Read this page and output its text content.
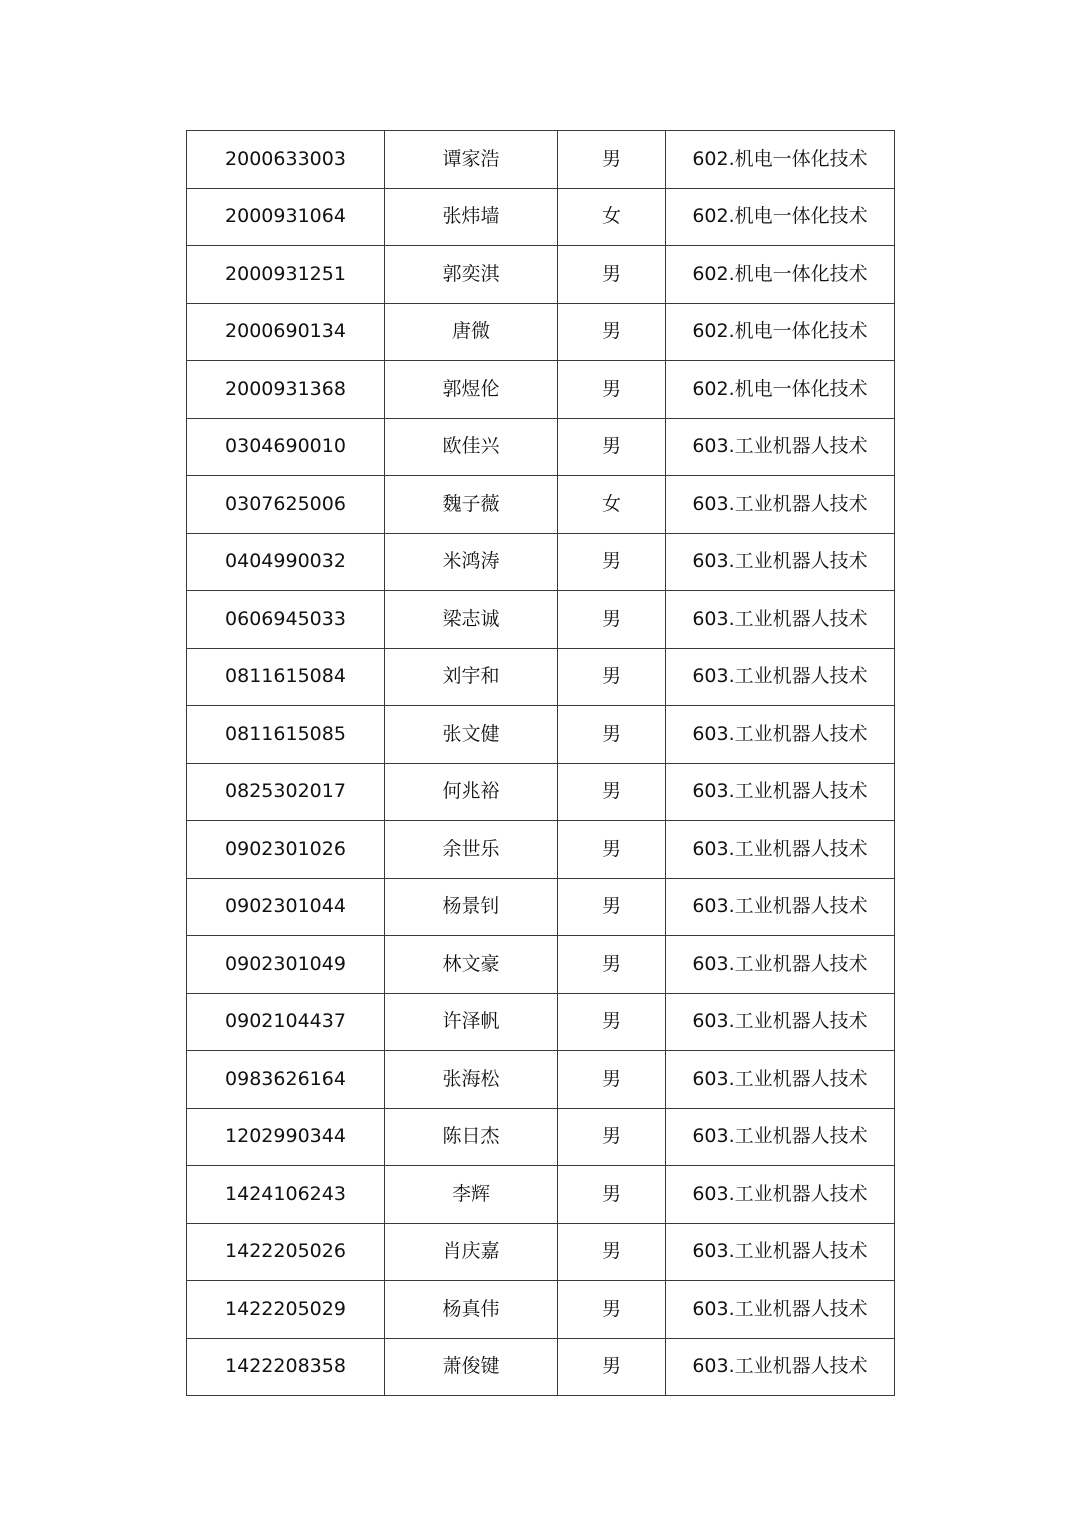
2000633003	谭家浩	男	602.机电一体化技术
2000931064	张炜墙	女	602.机电一体化技术
2000931251	郭奕淇	男	602.机电一体化技术
2000690134	唐微	男	602.机电一体化技术
2000931368	郭煜伦	男	602.机电一体化技术
0304690010	欧佳兴	男	603.工业机器人技术
0307625006	魏子薇	女	603.工业机器人技术
0404990032	米鸿涛	男	603.工业机器人技术
0606945033	梁志诚	男	603.工业机器人技术
0811615084	刘宇和	男	603.工业机器人技术
0811615085	张文健	男	603.工业机器人技术
0825302017	何兆裕	男	603.工业机器人技术
0902301026	余世乐	男	603.工业机器人技术
0902301044	杨景钊	男	603.工业机器人技术
0902301049	林文豪	男	603.工业机器人技术
0902104437	许泽帆	男	603.工业机器人技术
0983626164	张海松	男	603.工业机器人技术
1202990344	陈日杰	男	603.工业机器人技术
1424106243	李辉	男	603.工业机器人技术
1422205026	肖庆嘉	男	603.工业机器人技术
1422205029	杨真伟	男	603.工业机器人技术
1422208358	萧俊键	男	603.工业机器人技术
